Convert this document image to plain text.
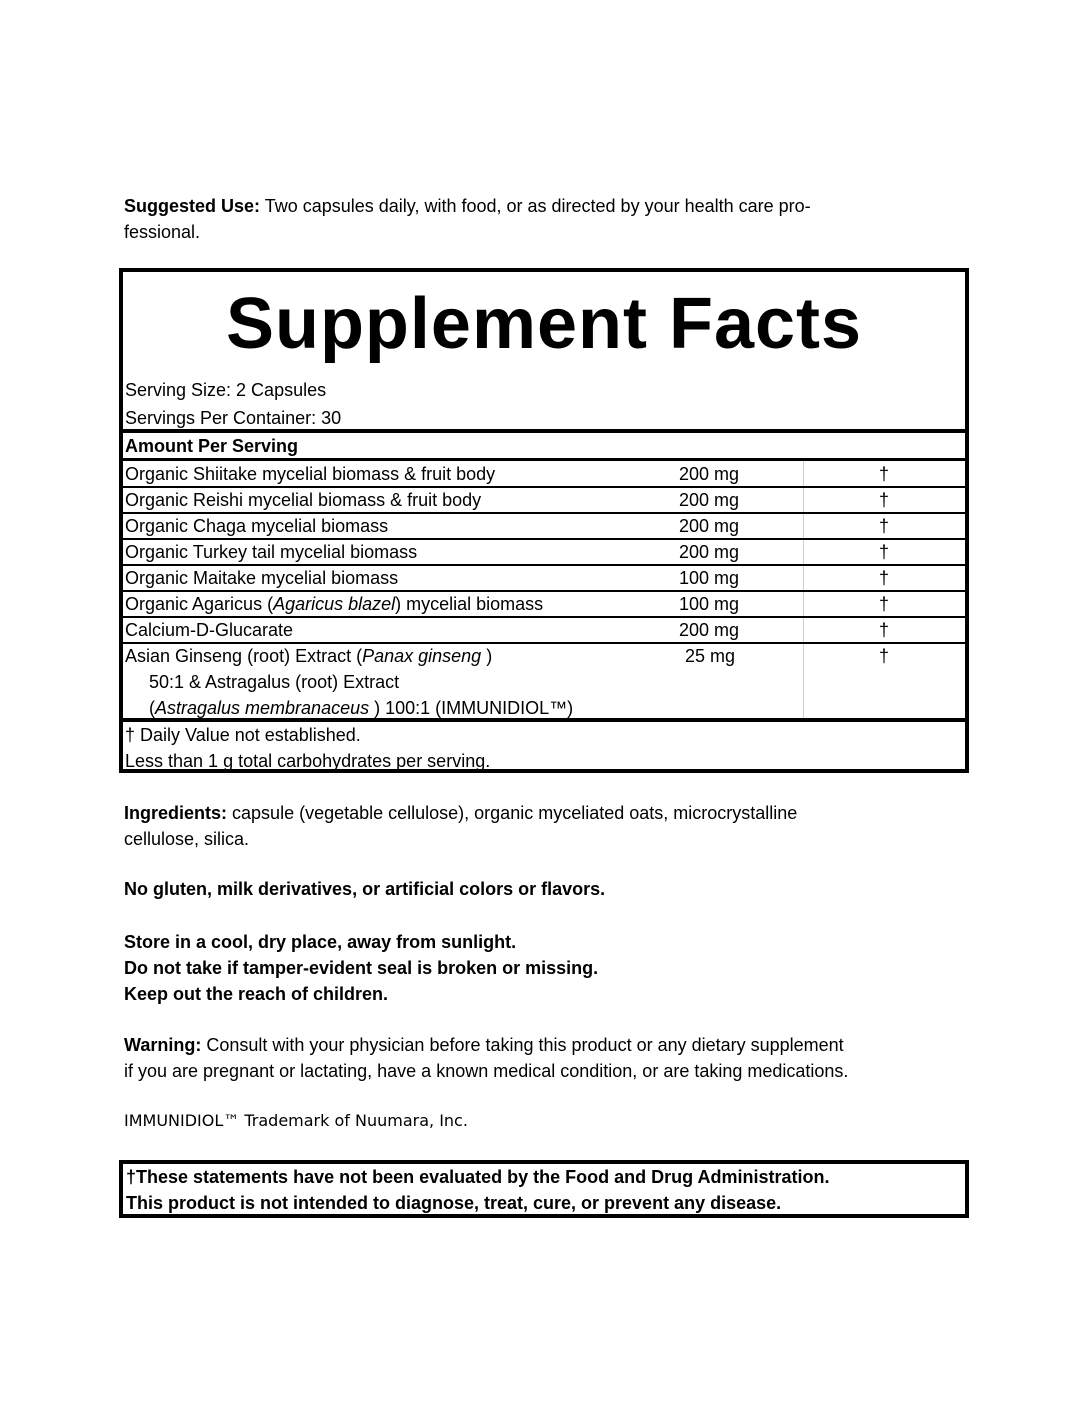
Suggested Use: Two capsules daily, with food, or as directed by your health care pro-
fessional.

Supplement Facts
Serving Size: 2 Capsules
Servings Per Container: 30
Amount Per Serving
Organic Shiitake mycelial biomass & fruit body	200 mg	†
Organic Reishi mycelial biomass & fruit body	200 mg	†
Organic Chaga mycelial biomass	200 mg	†
Organic Turkey tail mycelial biomass	200 mg	†
Organic Maitake mycelial biomass	100 mg	†
Organic Agaricus (Agaricus blazel) mycelial biomass	100 mg	†
Calcium-D-Glucarate	200 mg	†
Asian Ginseng (root) Extract (Panax ginseng )
50:1 & Astragalus (root) Extract
(Astragalus membranaceus ) 100:1 (IMMUNIDIOL™)
25 mg	†
† Daily Value not established.
Less than 1 g total carbohydrates per serving.

Ingredients: capsule (vegetable cellulose), organic myceliated oats, microcrystalline
cellulose, silica.

No gluten, milk derivatives, or artificial colors or flavors.

Store in a cool, dry place, away from sunlight.
Do not take if tamper-evident seal is broken or missing.
Keep out the reach of children.

Warning: Consult with your physician before taking this product or any dietary supplement
if you are pregnant or lactating, have a known medical condition, or are taking medications.

IMMUNIDIOL™ Trademark of Nuumara, Inc.

†These statements have not been evaluated by the Food and Drug Administration.
This product is not intended to diagnose, treat, cure, or prevent any disease.
